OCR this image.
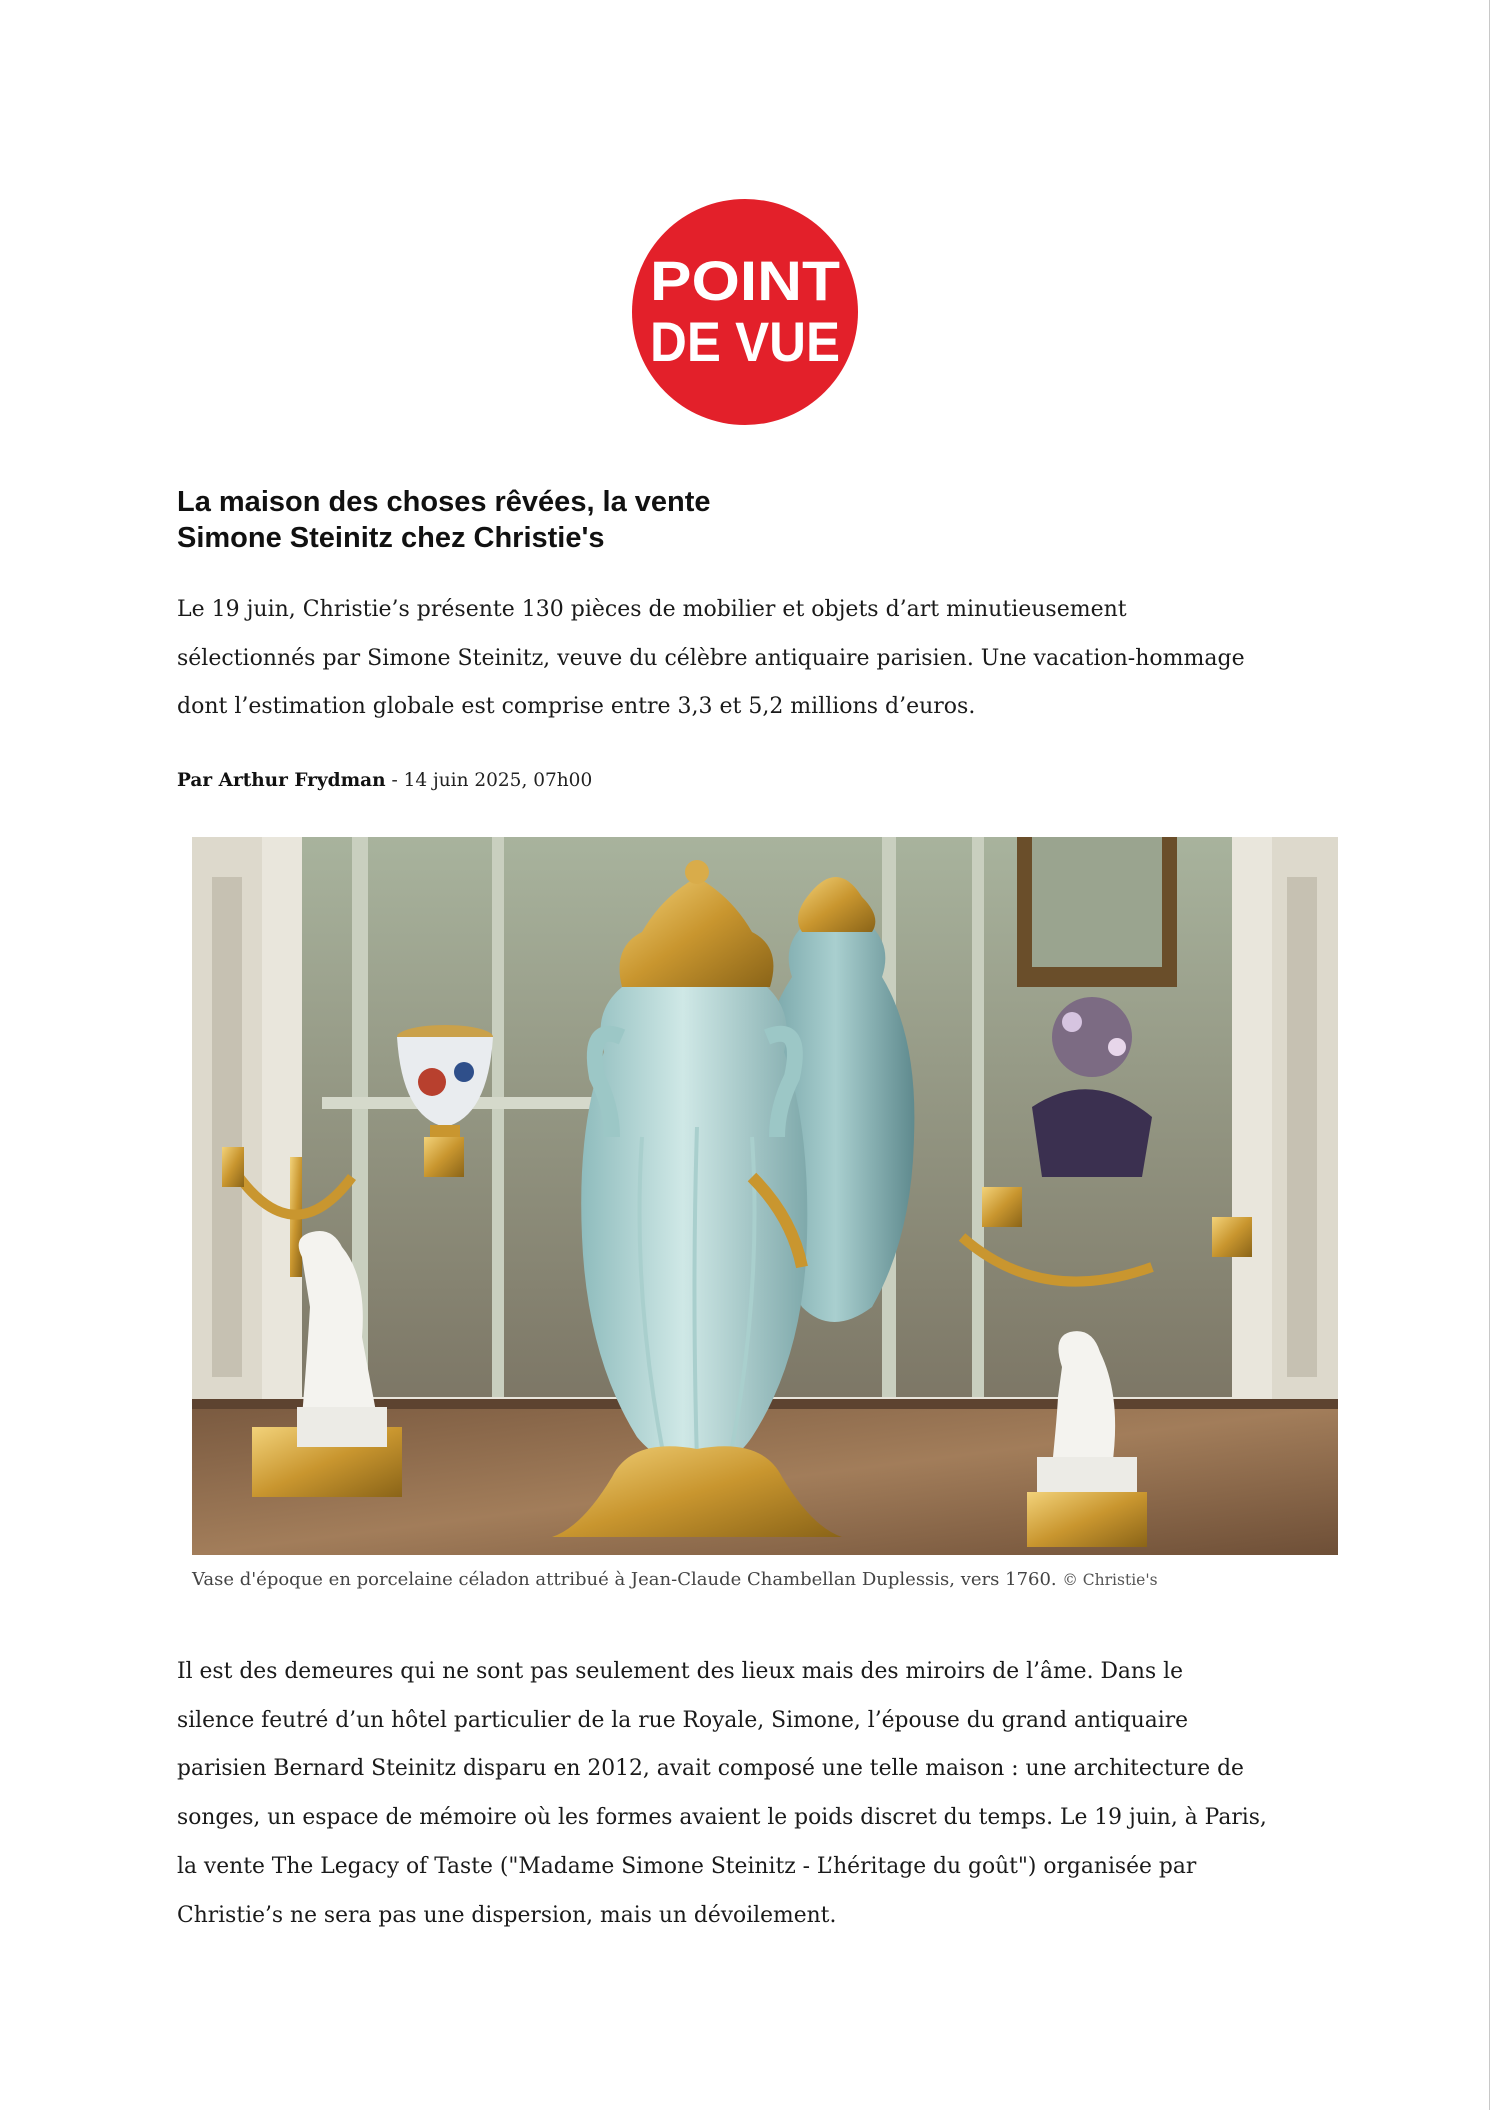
POINT
DE VUE
La maison des choses rêvées, la vente
Simone Steinitz chez Christie's

Le 19 juin, Christie’s présente 130 pièces de mobilier et objets d’art minutieusement
sélectionnés par Simone Steinitz, veuve du célèbre antiquaire parisien. Une vacation-hommage
dont l’estimation globale est comprise entre 3,3 et 5,2 millions d’euros.

Par Arthur Frydman - 14 juin 2025, 07h00

Vase d'époque en porcelaine céladon attribué à Jean-Claude Chambellan Duplessis, vers 1760. © Christie's

Il est des demeures qui ne sont pas seulement des lieux mais des miroirs de l’âme. Dans le
silence feutré d’un hôtel particulier de la rue Royale, Simone, l’épouse du grand antiquaire
parisien Bernard Steinitz disparu en 2012, avait composé une telle maison : une architecture de
songes, un espace de mémoire où les formes avaient le poids discret du temps. Le 19 juin, à Paris,
la vente The Legacy of Taste ("Madame Simone Steinitz - L’héritage du goût") organisée par
Christie’s ne sera pas une dispersion, mais un dévoilement.
